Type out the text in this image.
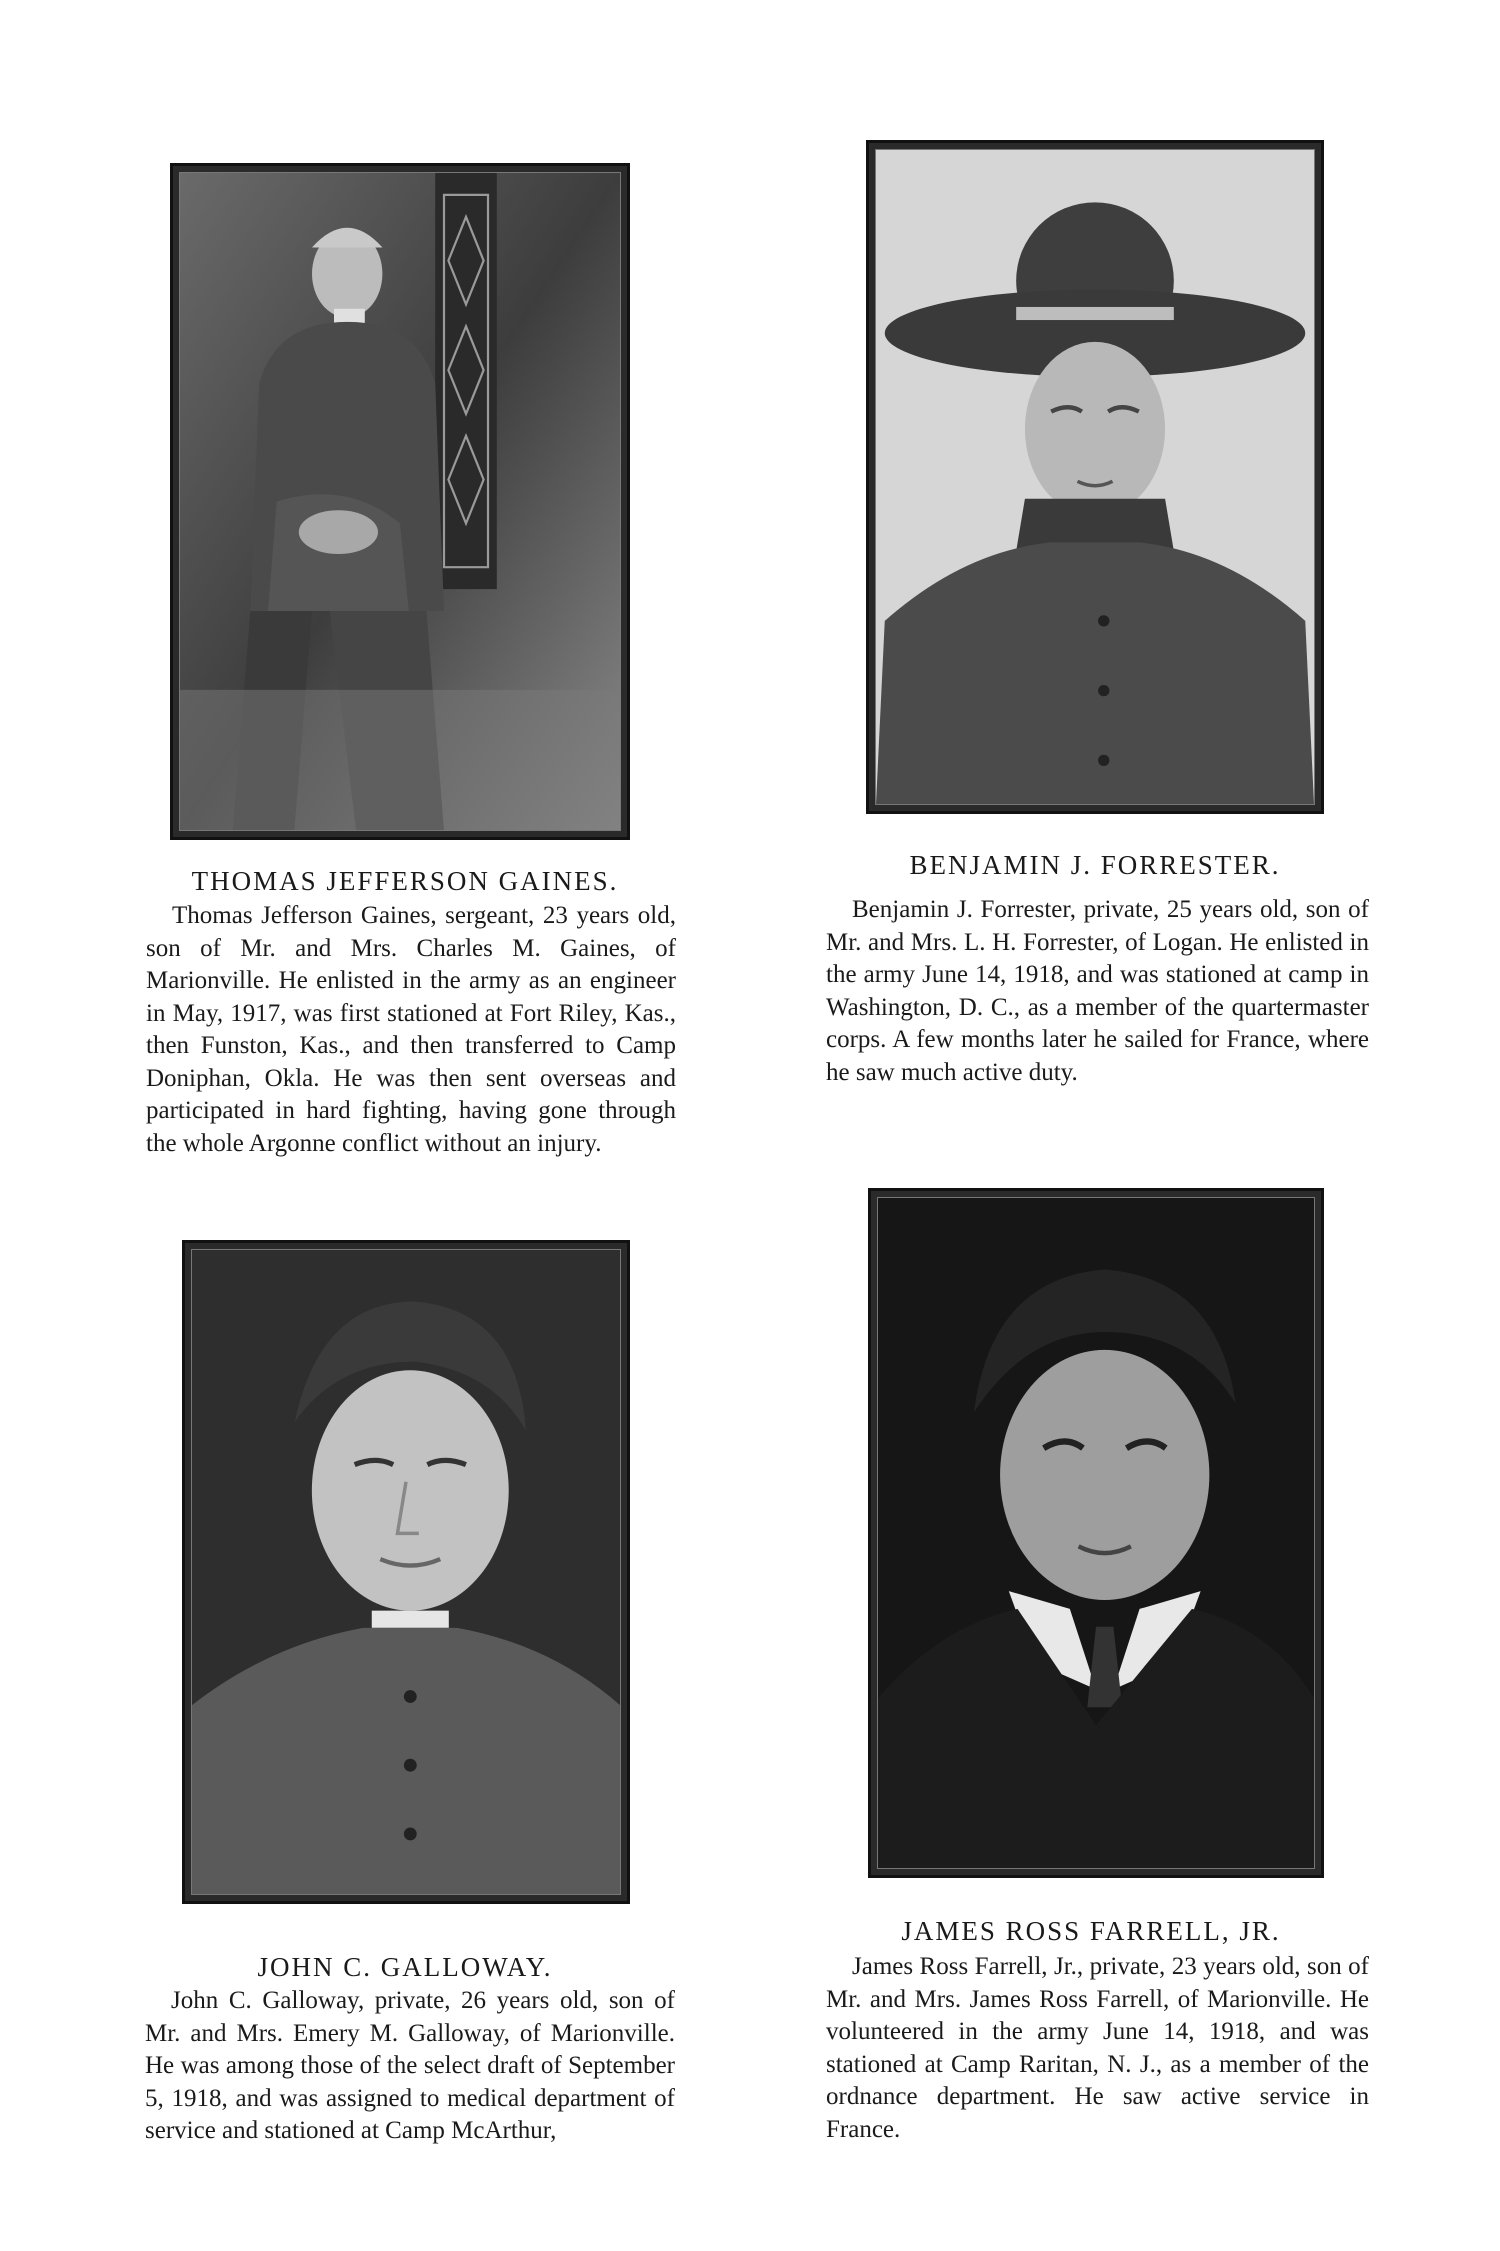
THOMAS JEFFERSON GAINES.

Thomas Jefferson Gaines, sergeant, 23 years old, son of Mr. and Mrs. Charles M. Gaines, of Marionville. He enlisted in the army as an engineer in May, 1917, was first stationed at Fort Riley, Kas., then Funston, Kas., and then transferred to Camp Doniphan, Okla. He was then sent overseas and participated in hard fighting, having gone through the whole Argonne conflict without an injury.

BENJAMIN J. FORRESTER.

Benjamin J. Forrester, private, 25 years old, son of Mr. and Mrs. L. H. Forrester, of Logan. He enlisted in the army June 14, 1918, and was stationed at camp in Washington, D. C., as a member of the quartermaster corps. A few months later he sailed for France, where he saw much active duty.

JOHN C. GALLOWAY.

John C. Galloway, private, 26 years old, son of Mr. and Mrs. Emery M. Galloway, of Marionville. He was among those of the select draft of September 5, 1918, and was assigned to medical department of service and stationed at Camp McArthur,

JAMES ROSS FARRELL, JR.

James Ross Farrell, Jr., private, 23 years old, son of Mr. and Mrs. James Ross Farrell, of Marionville. He volunteered in the army June 14, 1918, and was stationed at Camp Raritan, N. J., as a member of the ordnance department. He saw active service in France.
